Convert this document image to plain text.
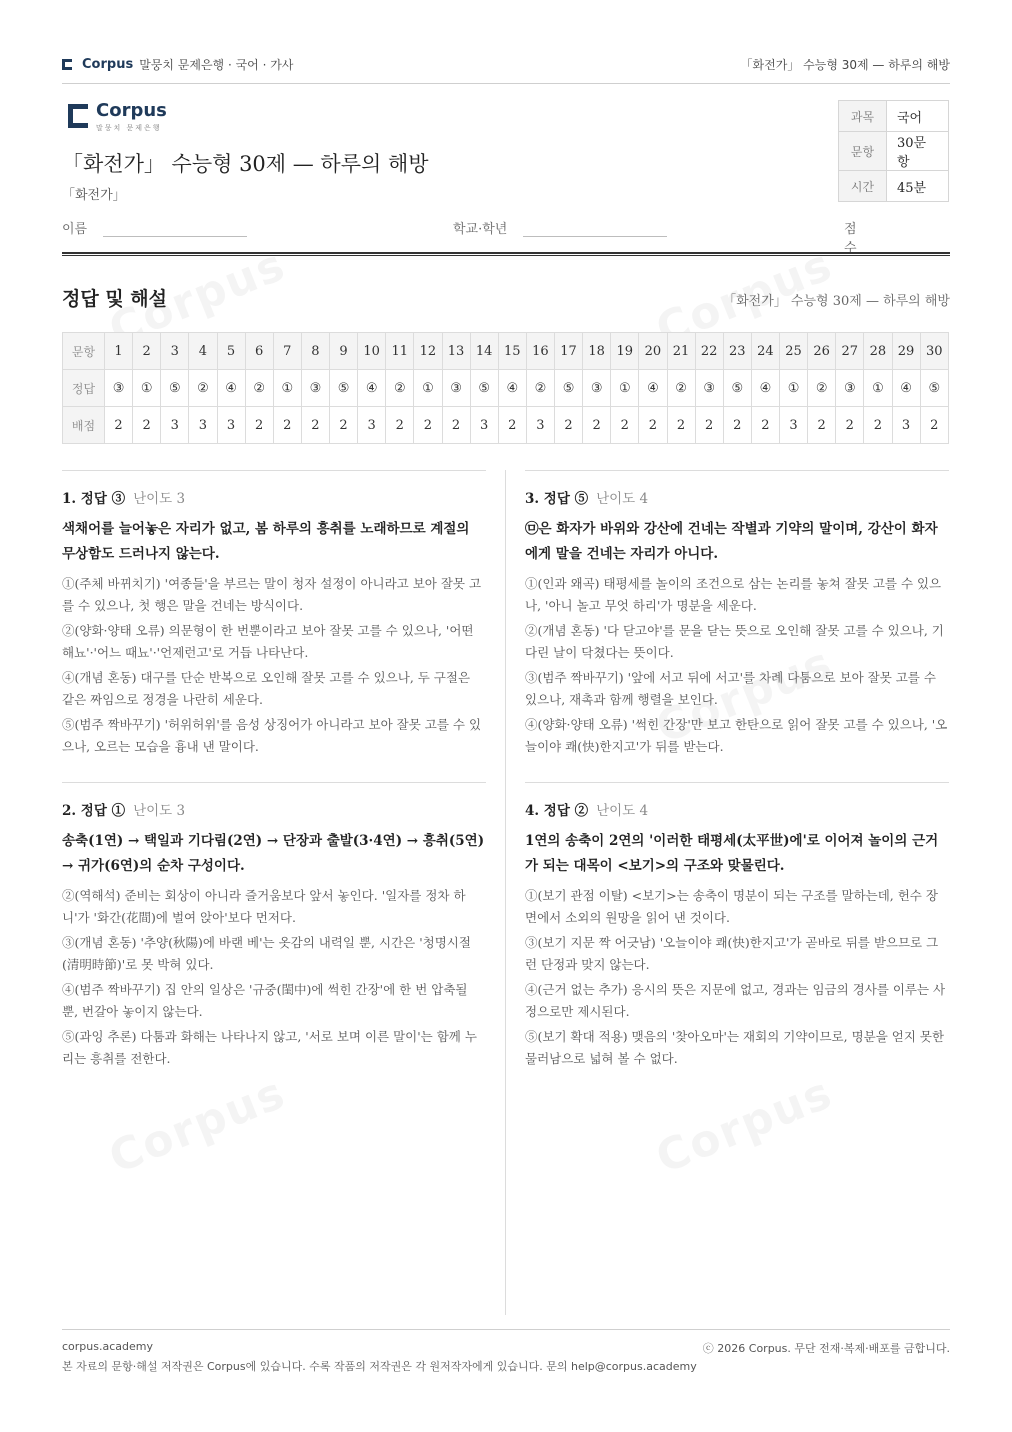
Corpus 말뭉치 문제은행 · 국어 · 가사	「화전가」 수능형 30제 — 하루의 해방
Corpus
말뭉치 문제은행
「화전가」 수능형 30제 — 하루의 해방
「화전가」
과목	국어
문항	30문항
시간	45분
이름	학교·학년	점수
정답 및 해설	「화전가」 수능형 30제 — 하루의 해방
문항	1	2	3	4	5	6	7	8	9	10	11	12	13	14	15	16	17	18	19	20	21	22	23	24	25	26	27	28	29	30
정답	③	①	⑤	②	④	②	①	③	⑤	④	②	①	③	⑤	④	②	⑤	③	①	④	②	③	⑤	④	①	②	③	①	④	⑤
배점	2	2	3	3	3	2	2	2	2	3	2	2	2	3	2	3	2	2	2	2	2	2	2	2	3	2	2	2	3	2
1. 정답 ③ 난이도 3
색채어를 늘어놓은 자리가 없고, 봄 하루의 흥취를 노래하므로 계절의 무상함도 드러나지 않는다.
①(주체 바뀌치기) '여종들'을 부르는 말이 청자 설정이 아니라고 보아 잘못 고를 수 있으나, 첫 행은 말을 건네는 방식이다.
②(양화·양태 오류) 의문형이 한 번뿐이라고 보아 잘못 고를 수 있으나, '어떤 해뇨'·'어느 때뇨'·'언제런고'로 거듭 나타난다.
④(개념 혼동) 대구를 단순 반복으로 오인해 잘못 고를 수 있으나, 두 구절은 같은 짜임으로 정경을 나란히 세운다.
⑤(범주 짝바꾸기) '허위허위'를 음성 상징어가 아니라고 보아 잘못 고를 수 있으나, 오르는 모습을 흉내 낸 말이다.
2. 정답 ① 난이도 3
송축(1연) → 택일과 기다림(2연) → 단장과 출발(3·4연) → 흥취(5연) → 귀가(6연)의 순차 구성이다.
②(역해석) 준비는 회상이 아니라 즐거움보다 앞서 놓인다. '일자를 정차 하니'가 '화간(花間)에 벌여 앉아'보다 먼저다.
③(개념 혼동) '추양(秋陽)에 바랜 베'는 옷감의 내력일 뿐, 시간은 '청명시절(清明時節)'로 못 박혀 있다.
④(범주 짝바꾸기) 집 안의 일상은 '규중(閨中)에 썩힌 간장'에 한 번 압축될 뿐, 번갈아 놓이지 않는다.
⑤(과잉 추론) 다툼과 화해는 나타나지 않고, '서로 보며 이른 말이'는 함께 누리는 흥취를 전한다.
3. 정답 ⑤ 난이도 4
㉤은 화자가 바위와 강산에 건네는 작별과 기약의 말이며, 강산이 화자에게 말을 건네는 자리가 아니다.
①(인과 왜곡) 태평세를 놀이의 조건으로 삼는 논리를 놓쳐 잘못 고를 수 있으나, '아니 놀고 무엇 하리'가 명분을 세운다.
②(개념 혼동) '다 닫고야'를 문을 닫는 뜻으로 오인해 잘못 고를 수 있으나, 기다린 날이 닥쳤다는 뜻이다.
③(범주 짝바꾸기) '앞에 서고 뒤에 서고'를 차례 다툼으로 보아 잘못 고를 수 있으나, 재촉과 함께 행렬을 보인다.
④(양화·양태 오류) '썩힌 간장'만 보고 한탄으로 읽어 잘못 고를 수 있으나, '오늘이야 쾌(快)한지고'가 뒤를 받는다.
4. 정답 ② 난이도 4
1연의 송축이 2연의 '이러한 태평세(太平世)에'로 이어져 놀이의 근거가 되는 대목이 <보기>의 구조와 맞물린다.
①(보기 관점 이탈) <보기>는 송축이 명분이 되는 구조를 말하는데, 헌수 장면에서 소외의 원망을 읽어 낸 것이다.
③(보기 지문 짝 어긋남) '오늘이야 쾌(快)한지고'가 곧바로 뒤를 받으므로 그런 단정과 맞지 않는다.
④(근거 없는 추가) 응시의 뜻은 지문에 없고, 경과는 임금의 경사를 이루는 사정으로만 제시된다.
⑤(보기 확대 적용) 맺음의 '찾아오마'는 재회의 기약이므로, 명분을 얻지 못한 물러남으로 넓혀 볼 수 없다.
corpus.academy	ⓒ 2026 Corpus. 무단 전재·복제·배포를 금합니다.
본 자료의 문항·해설 저작권은 Corpus에 있습니다. 수록 작품의 저작권은 각 원저작자에게 있습니다. 문의 help@corpus.academy
